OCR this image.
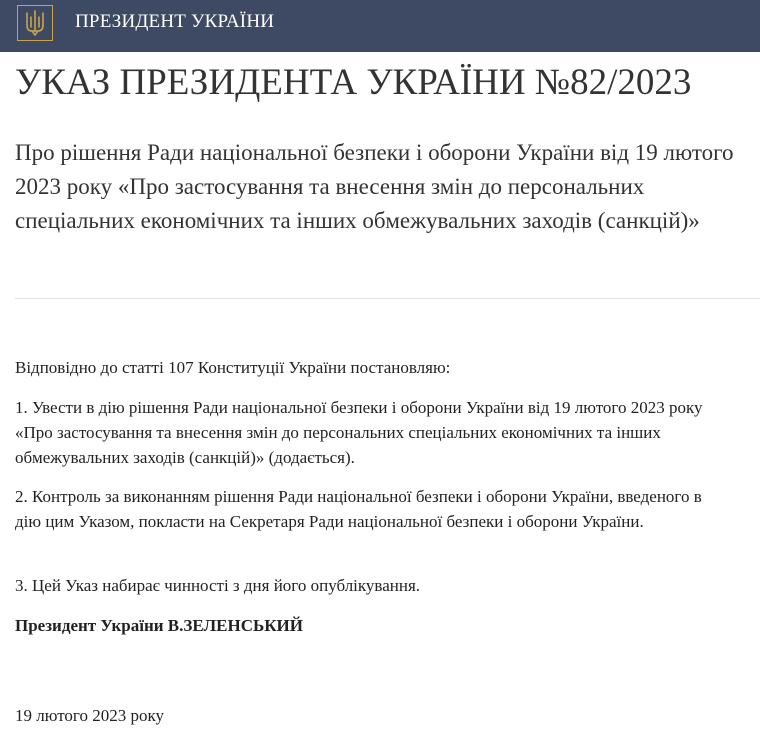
ПРЕЗИДЕНТ УКРАЇНИ
УКАЗ ПРЕЗИДЕНТА УКРАЇНИ №82/2023
Про рішення Ради національної безпеки і оборони України від 19 лютого 2023 року «Про застосування та внесення змін до персональних спеціальних економічних та інших обмежувальних заходів (санкцій)»

Відповідно до статті 107 Конституції України постановляю:

1. Увести в дію рішення Ради національної безпеки і оборони України від 19 лютого 2023 року «Про застосування та внесення змін до персональних спеціальних економічних та інших обмежувальних заходів (санкцій)» (додається).

2. Контроль за виконанням рішення Ради національної безпеки і оборони України, введеного в дію цим Указом, покласти на Секретаря Ради національної безпеки і оборони України.

3. Цей Указ набирає чинності з дня його опублікування.

Президент України В.ЗЕЛЕНСЬКИЙ

19 лютого 2023 року
